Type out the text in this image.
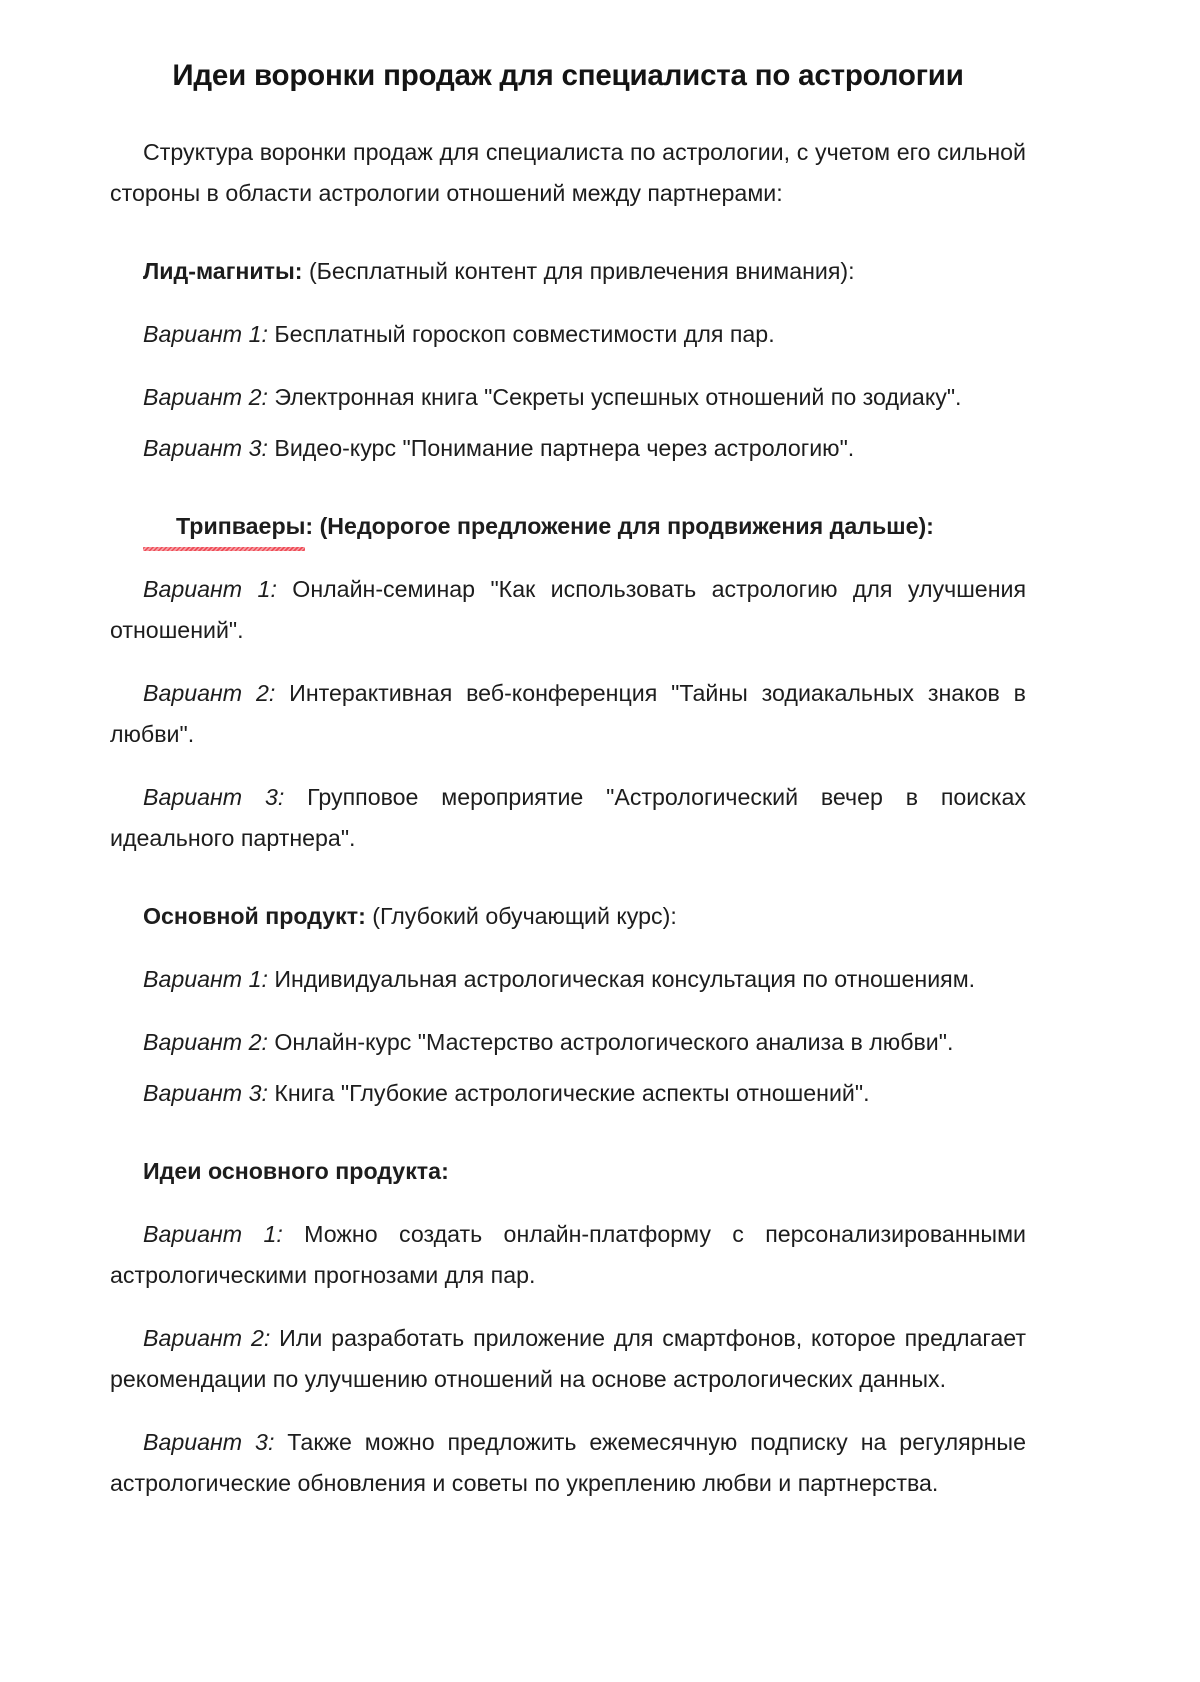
Идеи воронки продаж для специалиста по астрологии

Структура воронки продаж для специалиста по астрологии, с учетом его сильной стороны в области астрологии отношений между партнерами:

Лид-магниты: (Бесплатный контент для привлечения внимания):

Вариант 1: Бесплатный гороскоп совместимости для пар.

Вариант 2: Электронная книга "Секреты успешных отношений по зодиаку".

Вариант 3: Видео-курс "Понимание партнера через астрологию".

Трипваеры: (Недорогое предложение для продвижения дальше):

Вариант 1: Онлайн-семинар "Как использовать астрологию для улучшения отношений".

Вариант 2: Интерактивная веб-конференция "Тайны зодиакальных знаков в любви".

Вариант 3: Групповое мероприятие "Астрологический вечер в поисках идеального партнера".

Основной продукт: (Глубокий обучающий курс):

Вариант 1: Индивидуальная астрологическая консультация по отношениям.

Вариант 2: Онлайн-курс "Мастерство астрологического анализа в любви".

Вариант 3: Книга "Глубокие астрологические аспекты отношений".

Идеи основного продукта:

Вариант 1: Можно создать онлайн-платформу с персонализированными астрологическими прогнозами для пар.

Вариант 2: Или разработать приложение для смартфонов, которое предлагает рекомендации по улучшению отношений на основе астрологических данных.

Вариант 3: Также можно предложить ежемесячную подписку на регулярные астрологические обновления и советы по укреплению любви и партнерства.
